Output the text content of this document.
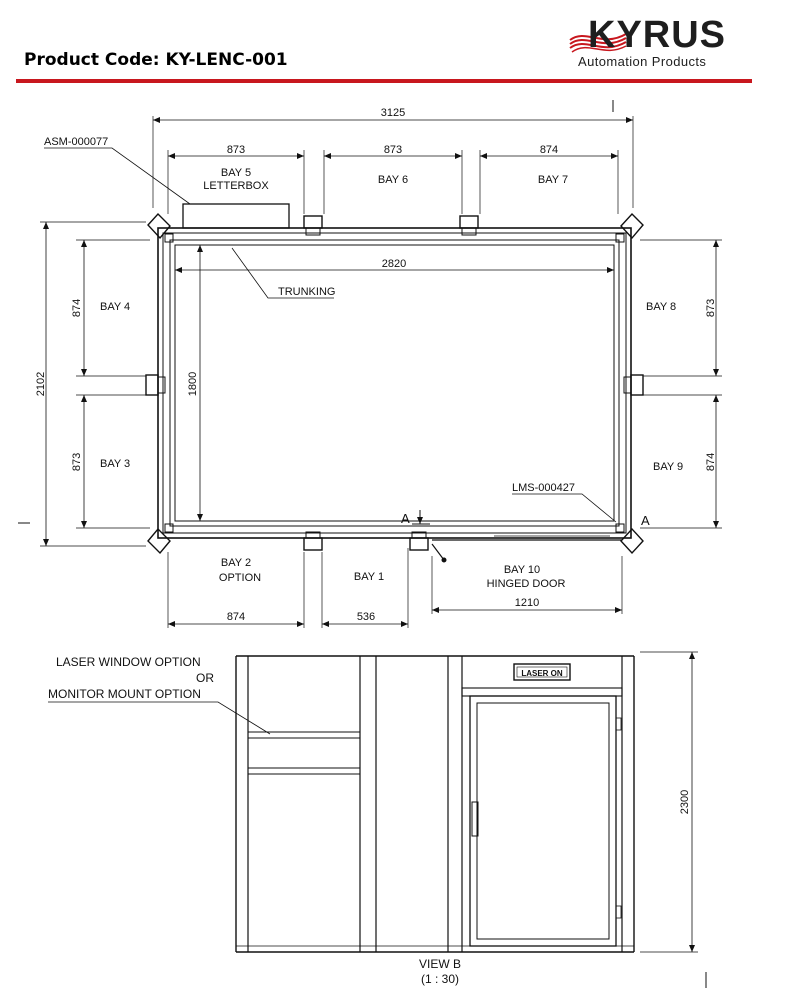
Product Code: KY-LENC-001
KYRUS
Automation Products
3125
873	873	874
BAY 5
LETTERBOX	BAY 6	BAY 7
2820
BAY 4
BAY 3
BAY 8
BAY 9
BAY 2
OPTION	BAY 1
BAY 10
HINGED DOOR
874	536
1210
ASM-000077
TRUNKING
LMS-000427
A	A
2102
874
873
873
874
1800
LASER WINDOW OPTION
OR
MONITOR MOUNT OPTION
LASER ON
2300
VIEW B
(1 : 30)
